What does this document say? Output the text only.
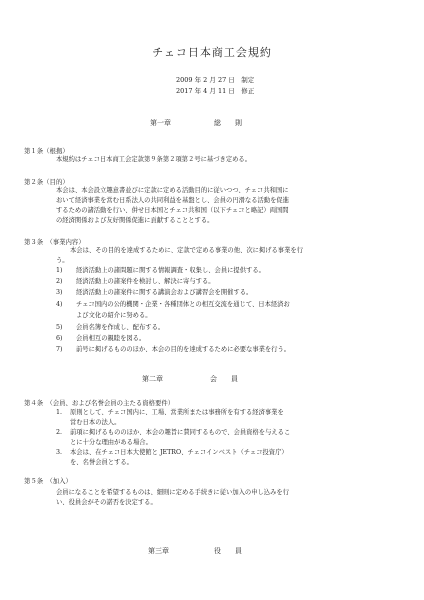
チェコ日本商工会規約
2009 年 2 月 27 日　制定
2017 年 4 月 11 日　修正
第一章	総　　則
第１条（根拠）
本規約はチェコ日本商工会定款第９条第２項第２号に基づき定める。
第２条（目的）
本会は、本会設立趣意書並びに定款に定める活動目的に従いつつ、チェコ共和国に
おいて経済事業を営む日系法人の共同利益を基盤とし、会員の円滑なる活動を促進
するための諸活動を行い、併せ日本国とチェコ共和国（以下チェコと略記）両国間
の経済関係および友好関係促進に貢献することとする。
第３条　（事業内容）
本会は、その目的を達成するために、定款で定める事業の他、次に掲げる事業を行
う。
1) 経済活動上の諸問題に関する情報調査・収集し、会員に提供する。
2) 経済活動上の諸案件を検討し、解決に寄与する。
3) 経済活動上の諸案件に関する講演会および講習会を開催する。
4) チェコ国内の公的機関・企業・各種団体との相互交流を通じて、日本経済お
よび文化の紹介に努める。
5) 会員名簿を作成し、配布する。
6) 会員相互の親睦を図る。
7) 前号に掲げるもののほか、本会の目的を達成するために必要な事業を行う。
第二章	会　　員
第４条　（会員、および名誉会員の主たる資格要件）
1. 原則として、チェコ国内に、工場、営業所または事務所を有する経済事業を
営む日本の法人。
2. 前項に掲げるもののほか、本会の趣旨に賛同するもので、会員資格を与えるこ
とに十分な理由がある場合。
3. 本会は、在チェコ日本大使館と JETRO、チェコインベスト（チェコ投資庁）
を、名誉会員とする。
第５条　（加入）
会員になることを希望するものは、細則に定める手続きに従い加入の申し込みを行
い、役員会がその諾否を決定する。
第三章	役　　員
